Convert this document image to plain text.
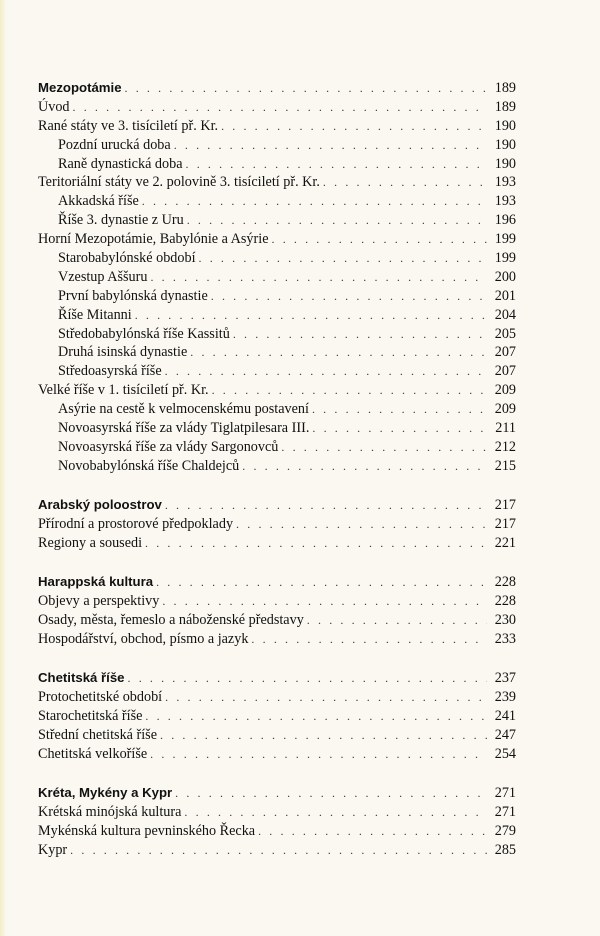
Mezopotámie . . .	189
Úvod . . .	189
Rané státy ve 3. tisíciletí př. Kr. . . .	190
Pozdní urucká doba . . .	190
Raně dynastická doba . . .	190
Teritoriální státy ve 2. polovině 3. tisíciletí př. Kr. . . .	193
Akkadská říše . . .	193
Říše 3. dynastie z Uru . . .	196
Horní Mezopotámie, Babylónie a Asýrie . . .	199
Starobabylónské období . . .	199
Vzestup Aššuru . . .	200
První babylónská dynastie . . .	201
Říše Mitanni . . .	204
Středobabylónská říše Kassitů . . .	205
Druhá isinská dynastie . . .	207
Středoasyrská říše . . .	207
Velké říše v 1. tisíciletí př. Kr. . . .	209
Asýrie na cestě k velmocenskému postavení . . .	209
Novoasyrská říše za vlády Tiglatpilesara III. . . .	211
Novoasyrská říše za vlády Sargonovců . . .	212
Novobabylónská říše Chaldejců . . .	215
Arabský poloostrov . . .	217
Přírodní a prostorové předpoklady . . .	217
Regiony a sousedi . . .	221
Harappská kultura . . .	228
Objevy a perspektivy . . .	228
Osady, města, řemeslo a náboženské představy . . .	230
Hospodářství, obchod, písmo a jazyk . . .	233
Chetitská říše . . .	237
Protochetitské období . . .	239
Starochetitská říše . . .	241
Střední chetitská říše . . .	247
Chetitská velkoříše . . .	254
Kréta, Mykény a Kypr . . .	271
Krétská minójská kultura . . .	271
Mykénská kultura pevninského Řecka . . .	279
Kypr . . .	285
